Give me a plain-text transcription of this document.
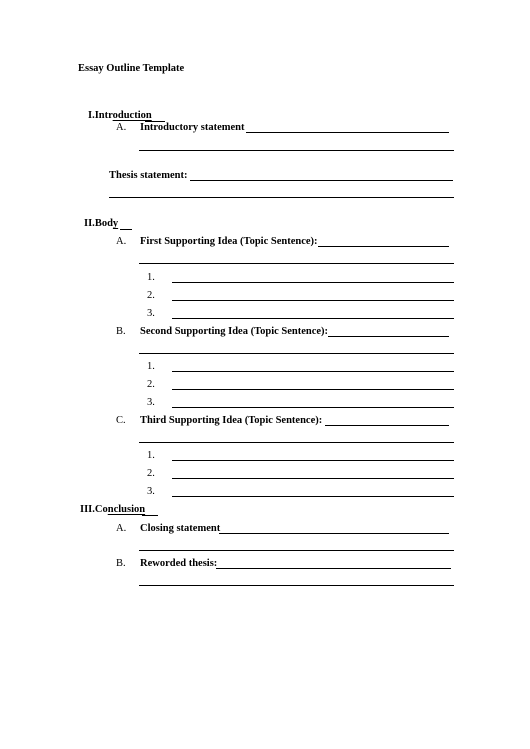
Essay Outline Template
I.Introduction
A. Introductory statement
Thesis statement:
II.Body
A. First Supporting Idea (Topic Sentence):
1.
2.
3.
B. Second Supporting Idea (Topic Sentence):
1.
2.
3.
C. Third Supporting Idea (Topic Sentence):
1.
2.
3.
III.Conclusion
A. Closing statement
B. Reworded thesis:
